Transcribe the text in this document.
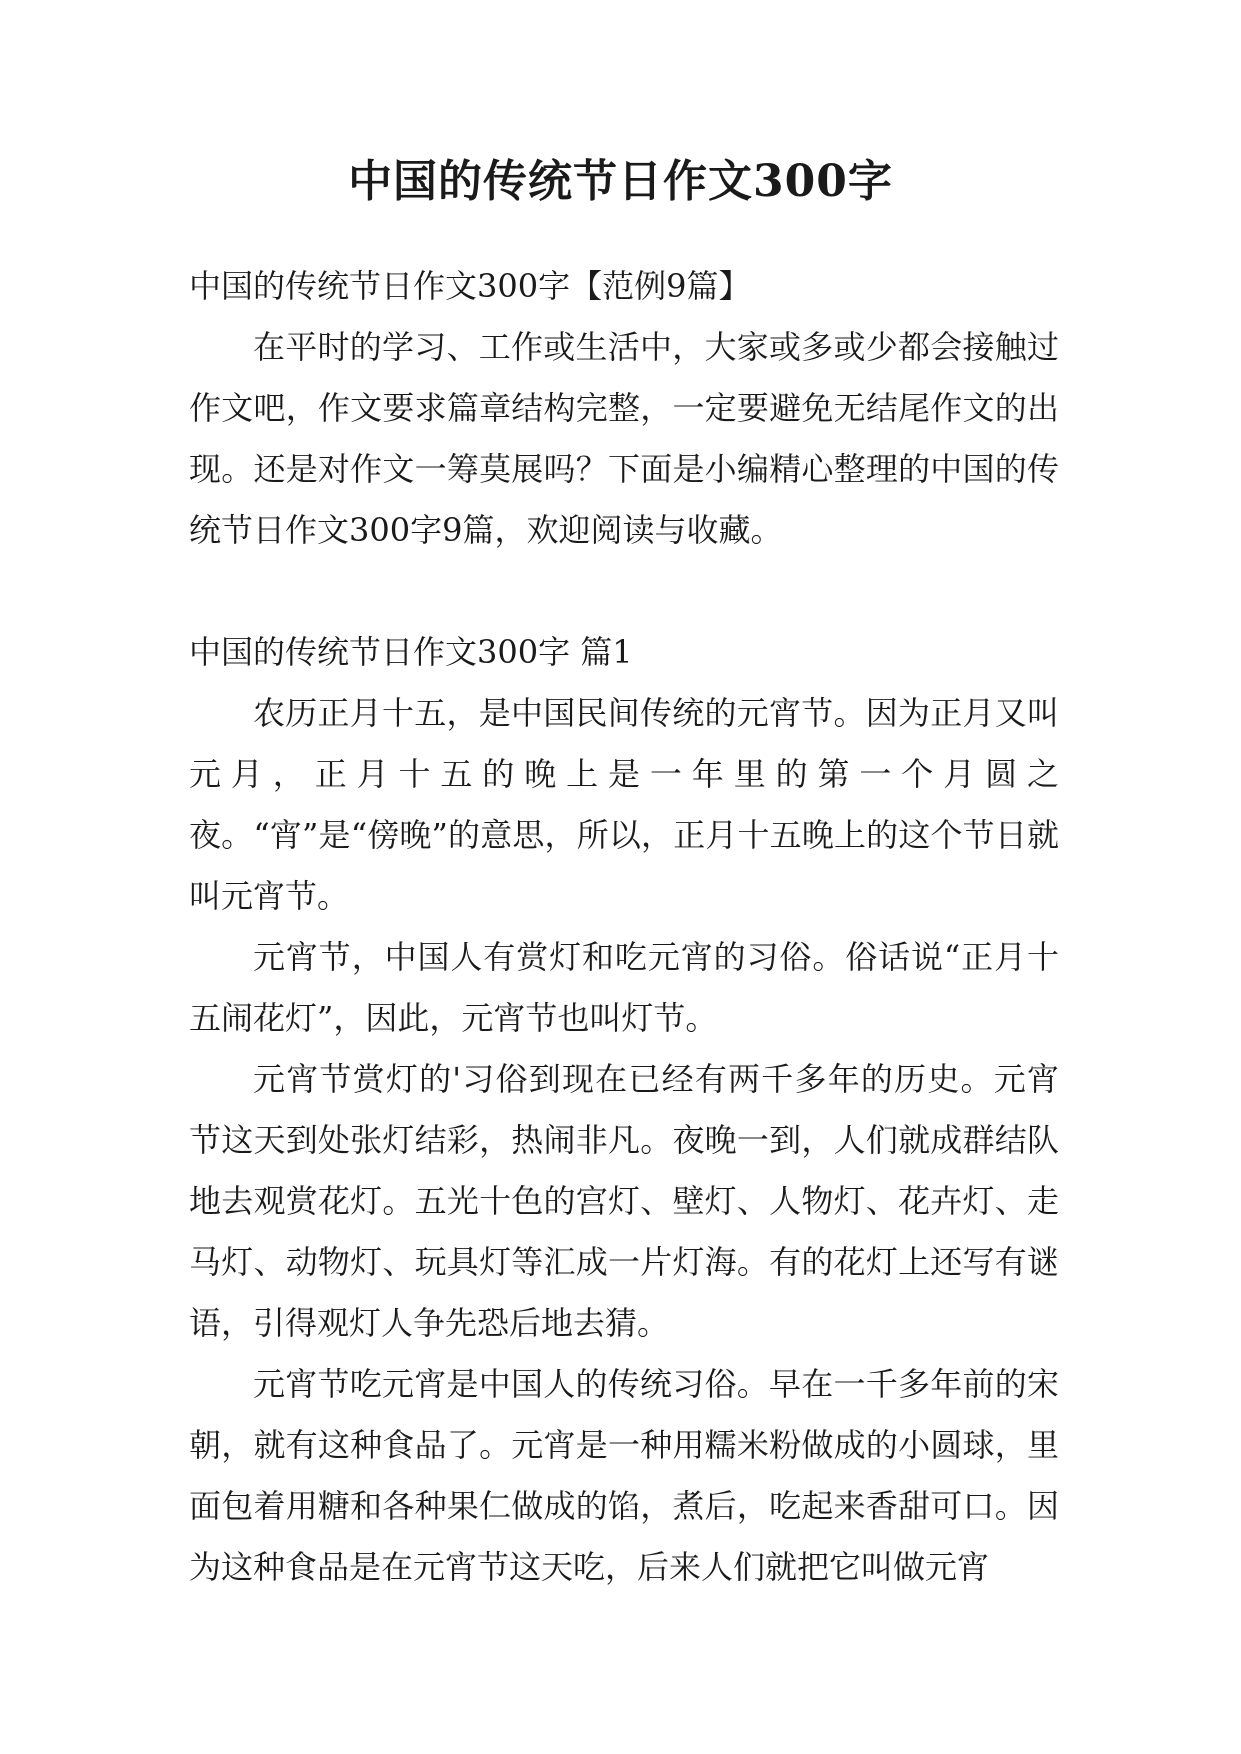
中国的传统节日作文300字

中国的传统节日作文300字【范例9篇】

在平时的学习、工作或生活中，大家或多或少都会接触过作文吧，作文要求篇章结构完整，一定要避免无结尾作文的出现。还是对作文一筹莫展吗？下面是小编精心整理的中国的传统节日作文300字9篇，欢迎阅读与收藏。

中国的传统节日作文300字 篇1

农历正月十五，是中国民间传统的元宵节。因为正月又叫元月，正月十五的晚上是一年里的第一个月圆之夜。“宵”是“傍晚”的意思，所以，正月十五晚上的这个节日就叫元宵节。

元宵节，中国人有赏灯和吃元宵的习俗。俗话说“正月十五闹花灯”，因此，元宵节也叫灯节。

元宵节赏灯的'习俗到现在已经有两千多年的历史。元宵节这天到处张灯结彩，热闹非凡。夜晚一到，人们就成群结队地去观赏花灯。五光十色的宫灯、壁灯、人物灯、花卉灯、走马灯、动物灯、玩具灯等汇成一片灯海。有的花灯上还写有谜语，引得观灯人争先恐后地去猜。

元宵节吃元宵是中国人的传统习俗。早在一千多年前的宋朝，就有这种食品了。元宵是一种用糯米粉做成的小圆球，里面包着用糖和各种果仁做成的馅，煮后，吃起来香甜可口。因为这种食品是在元宵节这天吃，后来人们就把它叫做元宵
